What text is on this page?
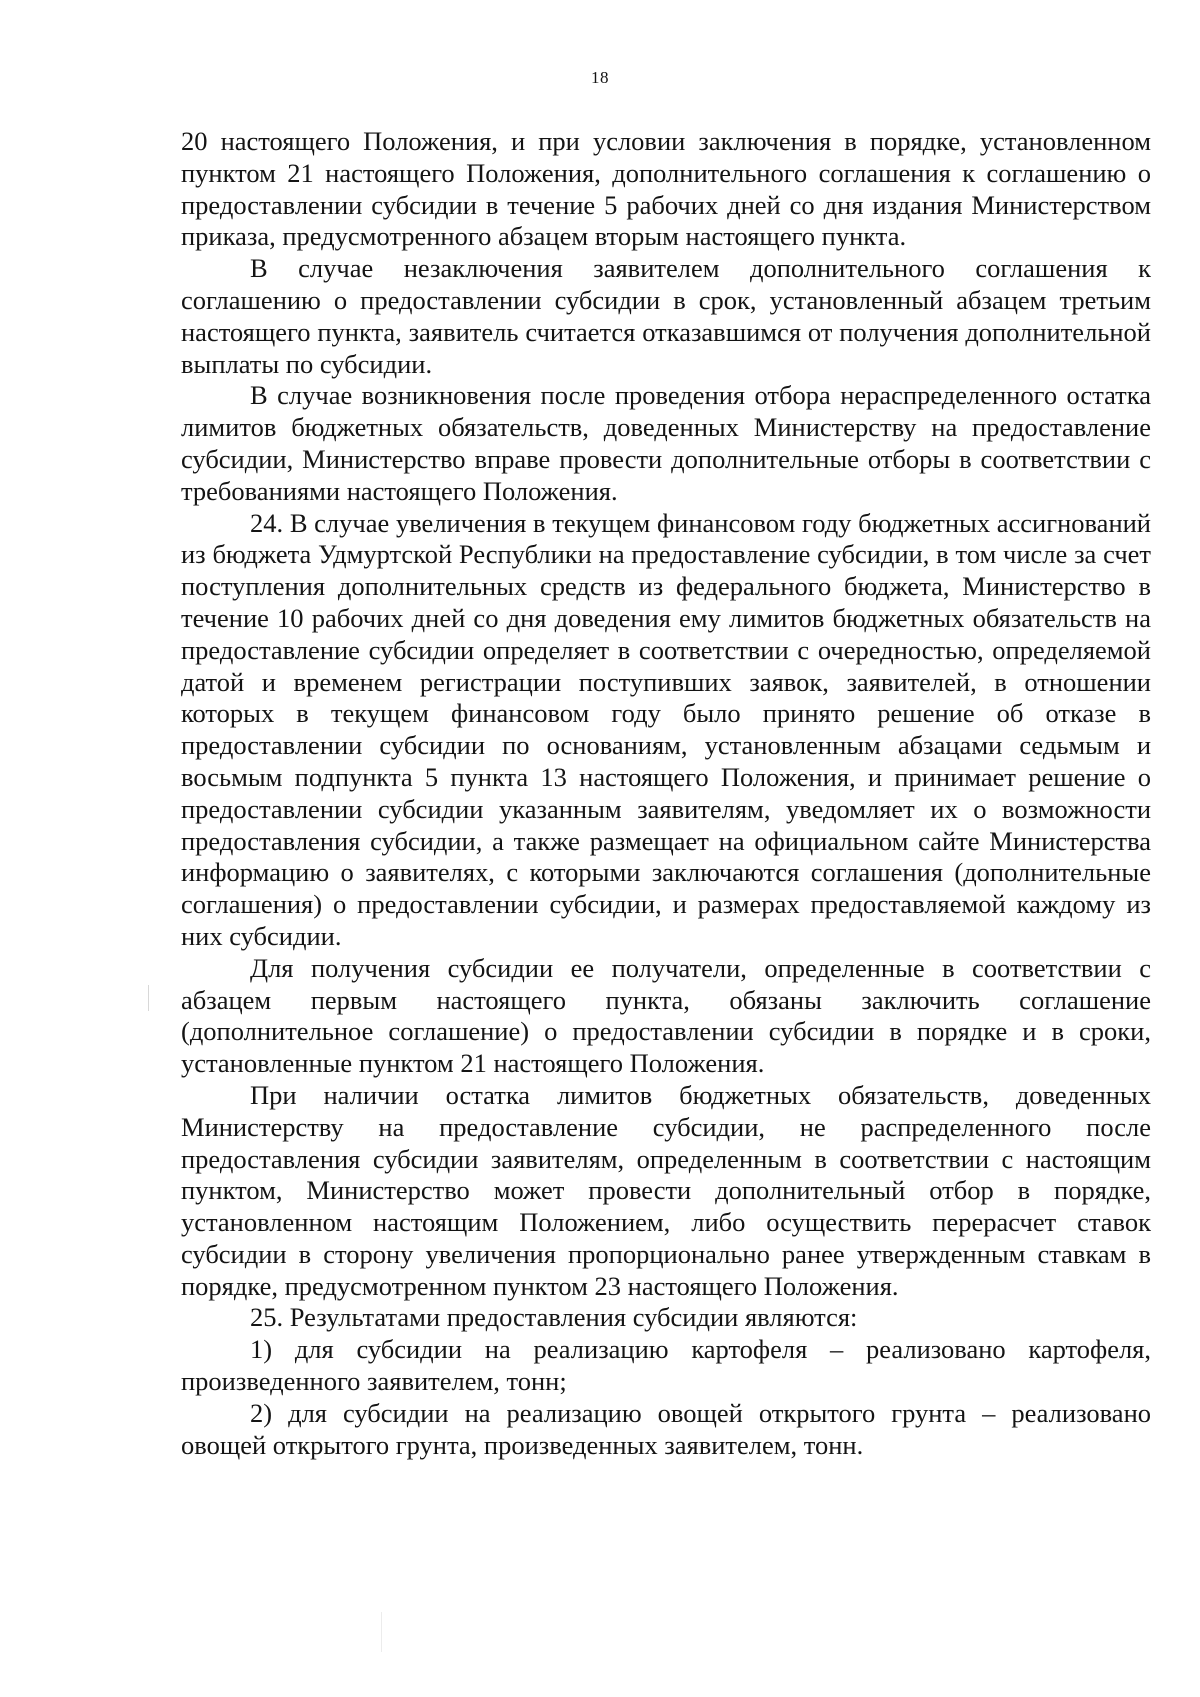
18

20 настоящего Положения, и при условии заключения в порядке, установленном пунктом 21 настоящего Положения, дополнительного соглашения к соглашению о предоставлении субсидии в течение 5 рабочих дней со дня издания Министерством приказа, предусмотренного абзацем вторым настоящего пункта.

В случае незаключения заявителем дополнительного соглашения к соглашению о предоставлении субсидии в срок, установленный абзацем третьим настоящего пункта, заявитель считается отказавшимся от получения дополнительной выплаты по субсидии.

В случае возникновения после проведения отбора нераспределенного остатка лимитов бюджетных обязательств, доведенных Министерству на предоставление субсидии, Министерство вправе провести дополнительные отборы в соответствии с требованиями настоящего Положения.

24. В случае увеличения в текущем финансовом году бюджетных ассигнований из бюджета Удмуртской Республики на предоставление субсидии, в том числе за счет поступления дополнительных средств из федерального бюджета, Министерство в течение 10 рабочих дней со дня доведения ему лимитов бюджетных обязательств на предоставление субсидии определяет в соответствии с очередностью, определяемой датой и временем регистрации поступивших заявок, заявителей, в отношении которых в текущем финансовом году было принято решение об отказе в предоставлении субсидии по основаниям, установленным абзацами седьмым и восьмым подпункта 5 пункта 13 настоящего Положения, и принимает решение о предоставлении субсидии указанным заявителям, уведомляет их о возможности предоставления субсидии, а также размещает на официальном сайте Министерства информацию о заявителях, с которыми заключаются соглашения (дополнительные соглашения) о предоставлении субсидии, и размерах предоставляемой каждому из них субсидии.

Для получения субсидии ее получатели, определенные в соответствии с абзацем первым настоящего пункта, обязаны заключить соглашение (дополнительное соглашение) о предоставлении субсидии в порядке и в сроки, установленные пунктом 21 настоящего Положения.

При наличии остатка лимитов бюджетных обязательств, доведенных Министерству на предоставление субсидии, не распределенного после предоставления субсидии заявителям, определенным в соответствии с настоящим пунктом, Министерство может провести дополнительный отбор в порядке, установленном настоящим Положением, либо осуществить перерасчет ставок субсидии в сторону увеличения пропорционально ранее утвержденным ставкам в порядке, предусмотренном пунктом 23 настоящего Положения.

25. Результатами предоставления субсидии являются:

1) для субсидии на реализацию картофеля – реализовано картофеля, произведенного заявителем, тонн;

2) для субсидии на реализацию овощей открытого грунта – реализовано овощей открытого грунта, произведенных заявителем, тонн.
